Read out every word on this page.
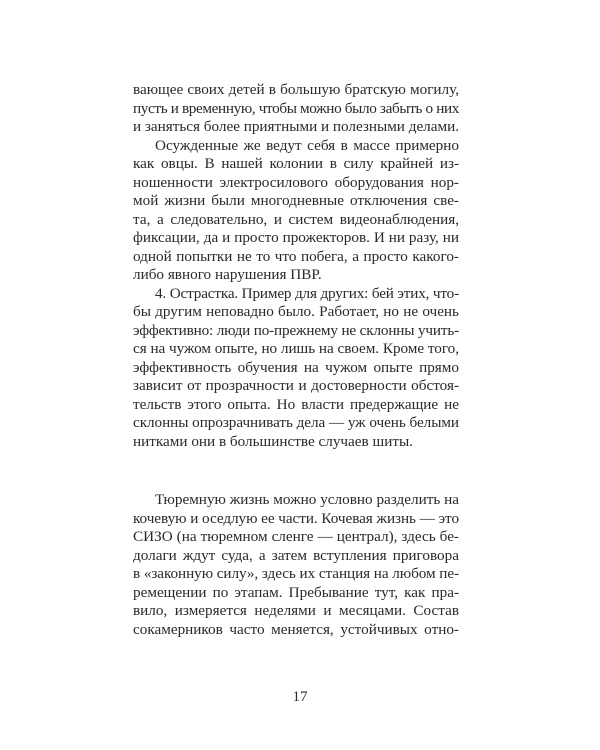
вающее своих детей в большую братскую могилу,
пусть и временную, чтобы можно было забыть о них
и заняться более приятными и полезными делами.
Осужденные же ведут себя в массе примерно
как овцы. В нашей колонии в силу крайней из-
ношенности электросилового оборудования нор-
мой жизни были многодневные отключения све-
та, а следовательно, и систем видеонаблюдения,
фиксации, да и просто прожекторов. И ни разу, ни
одной попытки не то что побега, а просто какого-
либо явного нарушения ПВР.
4. Острастка. Пример для других: бей этих, что-
бы другим неповадно было. Работает, но не очень
эффективно: люди по-прежнему не склонны учить-
ся на чужом опыте, но лишь на своем. Кроме того,
эффективность обучения на чужом опыте прямо
зависит от прозрачности и достоверности обстоя-
тельств этого опыта. Но власти предержащие не
склонны опрозрачнивать дела — уж очень белыми
нитками они в большинстве случаев шиты.
Тюремную жизнь можно условно разделить на
кочевую и оседлую ее части. Кочевая жизнь — это
СИЗО (на тюремном сленге — централ), здесь бе-
долаги ждут суда, а затем вступления приговора
в «законную силу», здесь их станция на любом пе-
ремещении по этапам. Пребывание тут, как пра-
вило, измеряется неделями и месяцами. Состав
сокамерников часто меняется, устойчивых отно-
17
